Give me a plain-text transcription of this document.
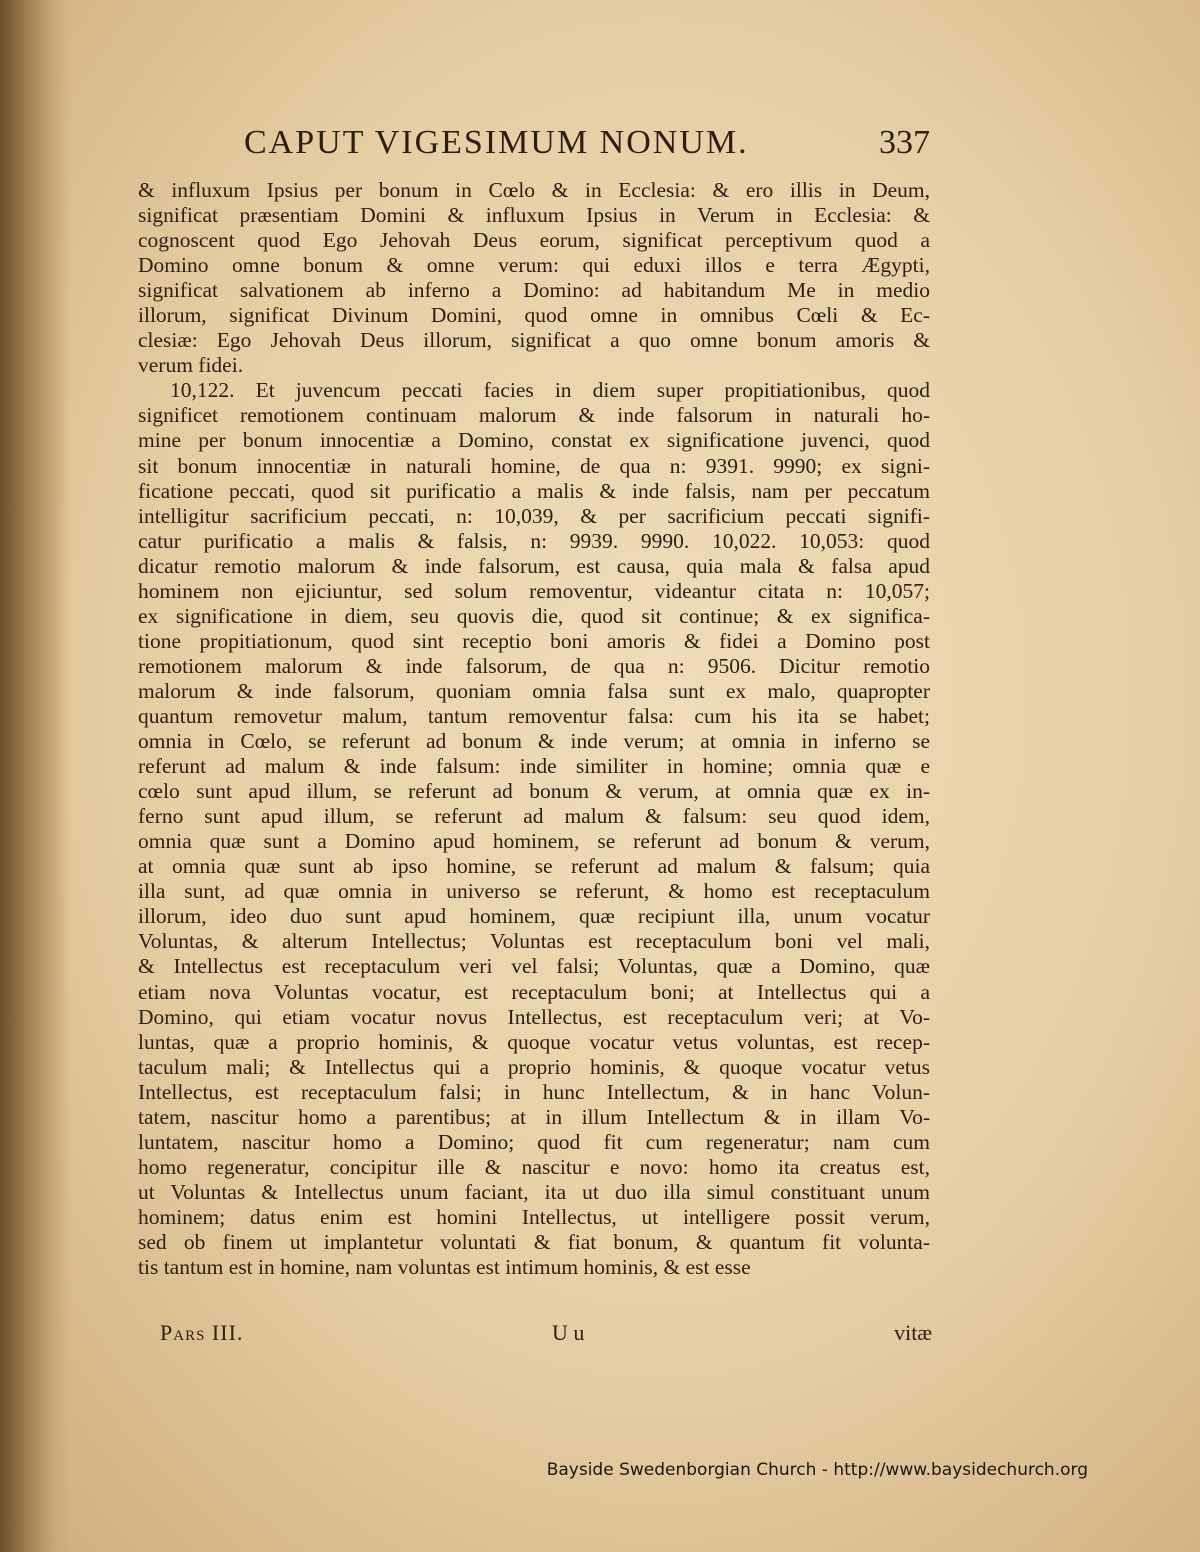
CAPUT VIGESIMUM NONUM.	337
& influxum Ipsius per bonum in Cœlo & in Ecclesia: & ero illis in Deum,
significat præsentiam Domini & influxum Ipsius in Verum in Ecclesia: &
cognoscent quod Ego Jehovah Deus eorum, significat perceptivum quod a
Domino omne bonum & omne verum: qui eduxi illos e terra Ægypti,
significat salvationem ab inferno a Domino: ad habitandum Me in medio
illorum, significat Divinum Domini, quod omne in omnibus Cœli & Ec-
clesiæ: Ego Jehovah Deus illorum, significat a quo omne bonum amoris &
verum fidei.
10,122. Et juvencum peccati facies in diem super propitiationibus, quod
significet remotionem continuam malorum & inde falsorum in naturali ho-
mine per bonum innocentiæ a Domino, constat ex significatione juvenci, quod
sit bonum innocentiæ in naturali homine, de qua n: 9391. 9990; ex signi-
ficatione peccati, quod sit purificatio a malis & inde falsis, nam per peccatum
intelligitur sacrificium peccati, n: 10,039, & per sacrificium peccati signifi-
catur purificatio a malis & falsis, n: 9939. 9990. 10,022. 10,053: quod
dicatur remotio malorum & inde falsorum, est causa, quia mala & falsa apud
hominem non ejiciuntur, sed solum removentur, videantur citata n: 10,057;
ex significatione in diem, seu quovis die, quod sit continue; & ex significa-
tione propitiationum, quod sint receptio boni amoris & fidei a Domino post
remotionem malorum & inde falsorum, de qua n: 9506. Dicitur remotio
malorum & inde falsorum, quoniam omnia falsa sunt ex malo, quapropter
quantum removetur malum, tantum removentur falsa: cum his ita se habet;
omnia in Cœlo, se referunt ad bonum & inde verum; at omnia in inferno se
referunt ad malum & inde falsum: inde similiter in homine; omnia quæ e
cœlo sunt apud illum, se referunt ad bonum & verum, at omnia quæ ex in-
ferno sunt apud illum, se referunt ad malum & falsum: seu quod idem,
omnia quæ sunt a Domino apud hominem, se referunt ad bonum & verum,
at omnia quæ sunt ab ipso homine, se referunt ad malum & falsum; quia
illa sunt, ad quæ omnia in universo se referunt, & homo est receptaculum
illorum, ideo duo sunt apud hominem, quæ recipiunt illa, unum vocatur
Voluntas, & alterum Intellectus; Voluntas est receptaculum boni vel mali,
& Intellectus est receptaculum veri vel falsi; Voluntas, quæ a Domino, quæ
etiam nova Voluntas vocatur, est receptaculum boni; at Intellectus qui a
Domino, qui etiam vocatur novus Intellectus, est receptaculum veri; at Vo-
luntas, quæ a proprio hominis, & quoque vocatur vetus voluntas, est recep-
taculum mali; & Intellectus qui a proprio hominis, & quoque vocatur vetus
Intellectus, est receptaculum falsi; in hunc Intellectum, & in hanc Volun-
tatem, nascitur homo a parentibus; at in illum Intellectum & in illam Vo-
luntatem, nascitur homo a Domino; quod fit cum regeneratur; nam cum
homo regeneratur, concipitur ille & nascitur e novo: homo ita creatus est,
ut Voluntas & Intellectus unum faciant, ita ut duo illa simul constituant unum
hominem; datus enim est homini Intellectus, ut intelligere possit verum,
sed ob finem ut implantetur voluntati & fiat bonum, & quantum fit volunta-
tis tantum est in homine, nam voluntas est intimum hominis, & est esse
Pars III.	U u	vitæ
Bayside Swedenborgian Church - http://www.baysidechurch.org
